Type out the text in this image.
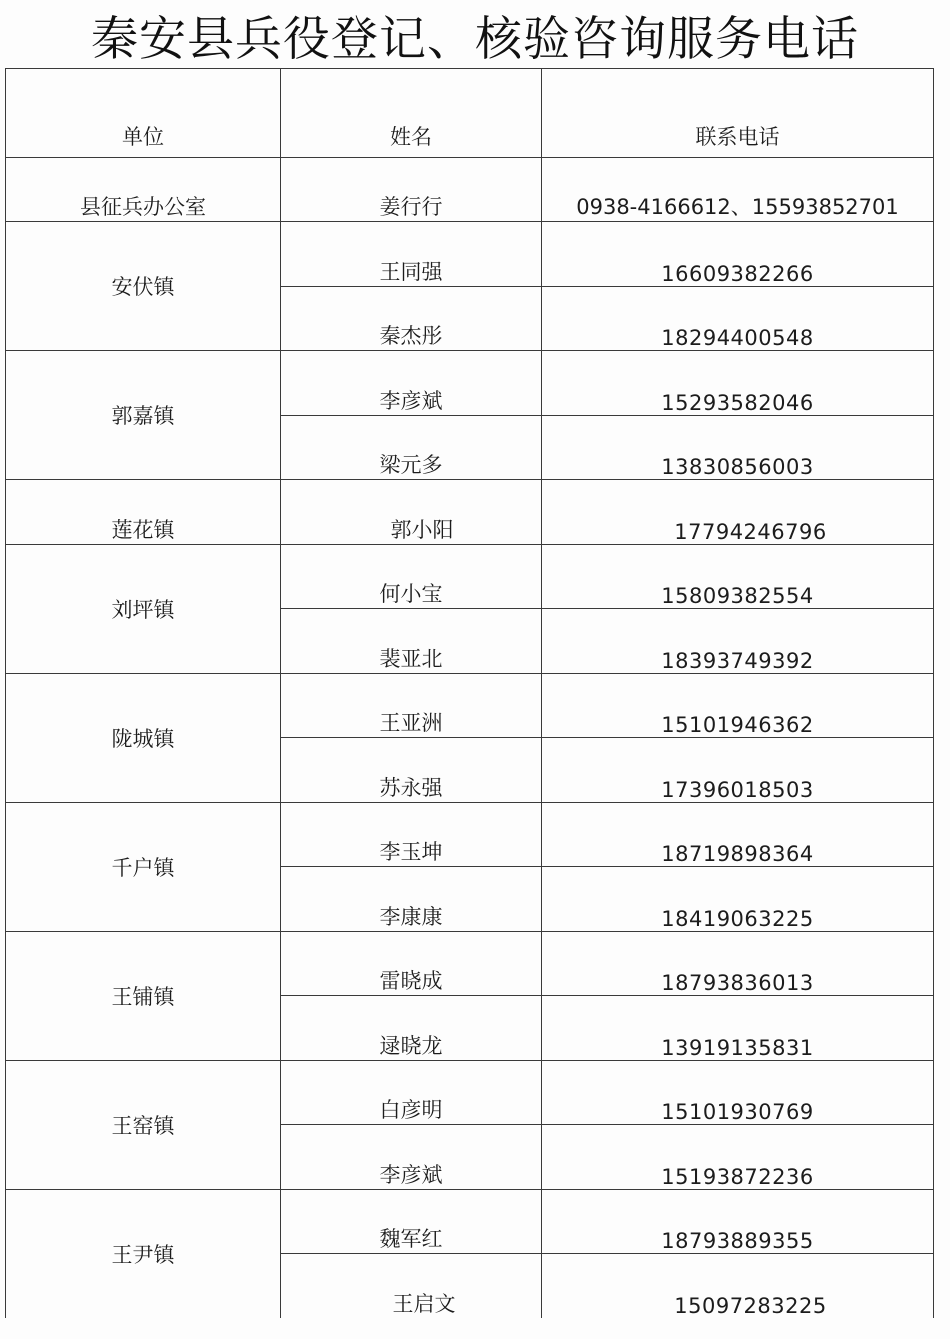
秦安县兵役登记、核验咨询服务电话
单位	姓名	联系电话
县征兵办公室	姜行行	0938-4166612、15593852701
安伏镇	王同强	16609382266
	秦杰彤	18294400548
郭嘉镇	李彦斌	15293582046
	梁元多	13830856003
莲花镇	郭小阳	17794246796
刘坪镇	何小宝	15809382554
	裴亚北	18393749392
陇城镇	王亚洲	15101946362
	苏永强	17396018503
千户镇	李玉坤	18719898364
	李康康	18419063225
王铺镇	雷晓成	18793836013
	逯晓龙	13919135831
王窑镇	白彦明	15101930769
	李彦斌	15193872236
王尹镇	魏军红	18793889355
	王启文	15097283225
